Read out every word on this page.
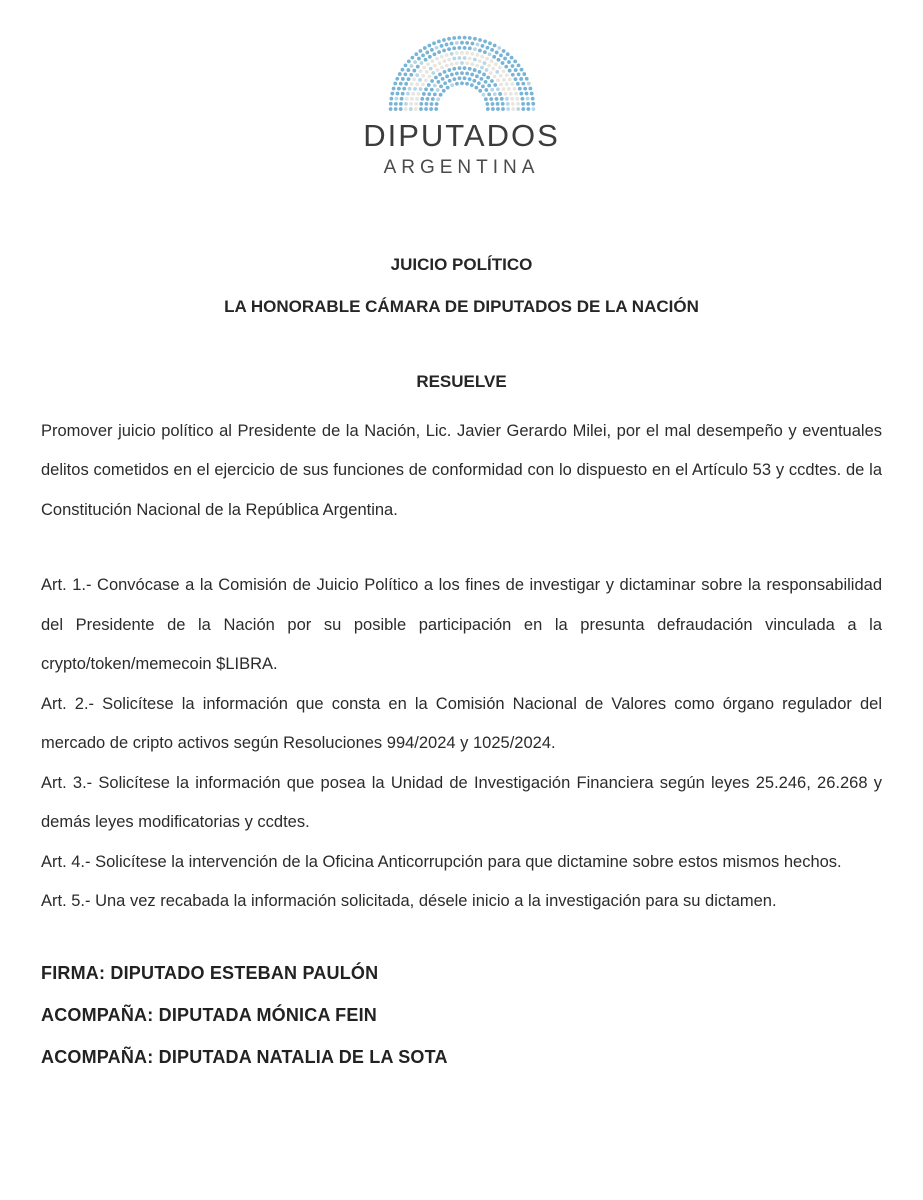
DIPUTADOS
ARGENTINA
JUICIO POLÍTICO
LA HONORABLE CÁMARA DE DIPUTADOS DE LA NACIÓN
RESUELVE

Promover juicio político al Presidente de la Nación, Lic. Javier Gerardo Milei, por el mal desempeño y eventuales delitos cometidos en el ejercicio de sus funciones de conformidad con lo dispuesto en el Artículo 53 y ccdtes. de la Constitución Nacional de la República Argentina.

Art. 1.- Convócase a la Comisión de Juicio Político a los fines de investigar y dictaminar sobre la responsabilidad del Presidente de la Nación por su posible participación en la presunta defraudación vinculada a la crypto/token/memecoin $LIBRA.

Art. 2.- Solicítese la información que consta en la Comisión Nacional de Valores como órgano regulador del mercado de cripto activos según Resoluciones 994/2024 y 1025/2024.

Art. 3.- Solicítese la información que posea la Unidad de Investigación Financiera según leyes 25.246, 26.268 y demás leyes modificatorias y ccdtes.

Art. 4.- Solicítese la intervención de la Oficina Anticorrupción para que dictamine sobre estos mismos hechos.

Art. 5.- Una vez recabada la información solicitada, désele inicio a la investigación para su dictamen.

FIRMA: DIPUTADO ESTEBAN PAULÓN
ACOMPAÑA: DIPUTADA MÓNICA FEIN
ACOMPAÑA: DIPUTADA NATALIA DE LA SOTA
